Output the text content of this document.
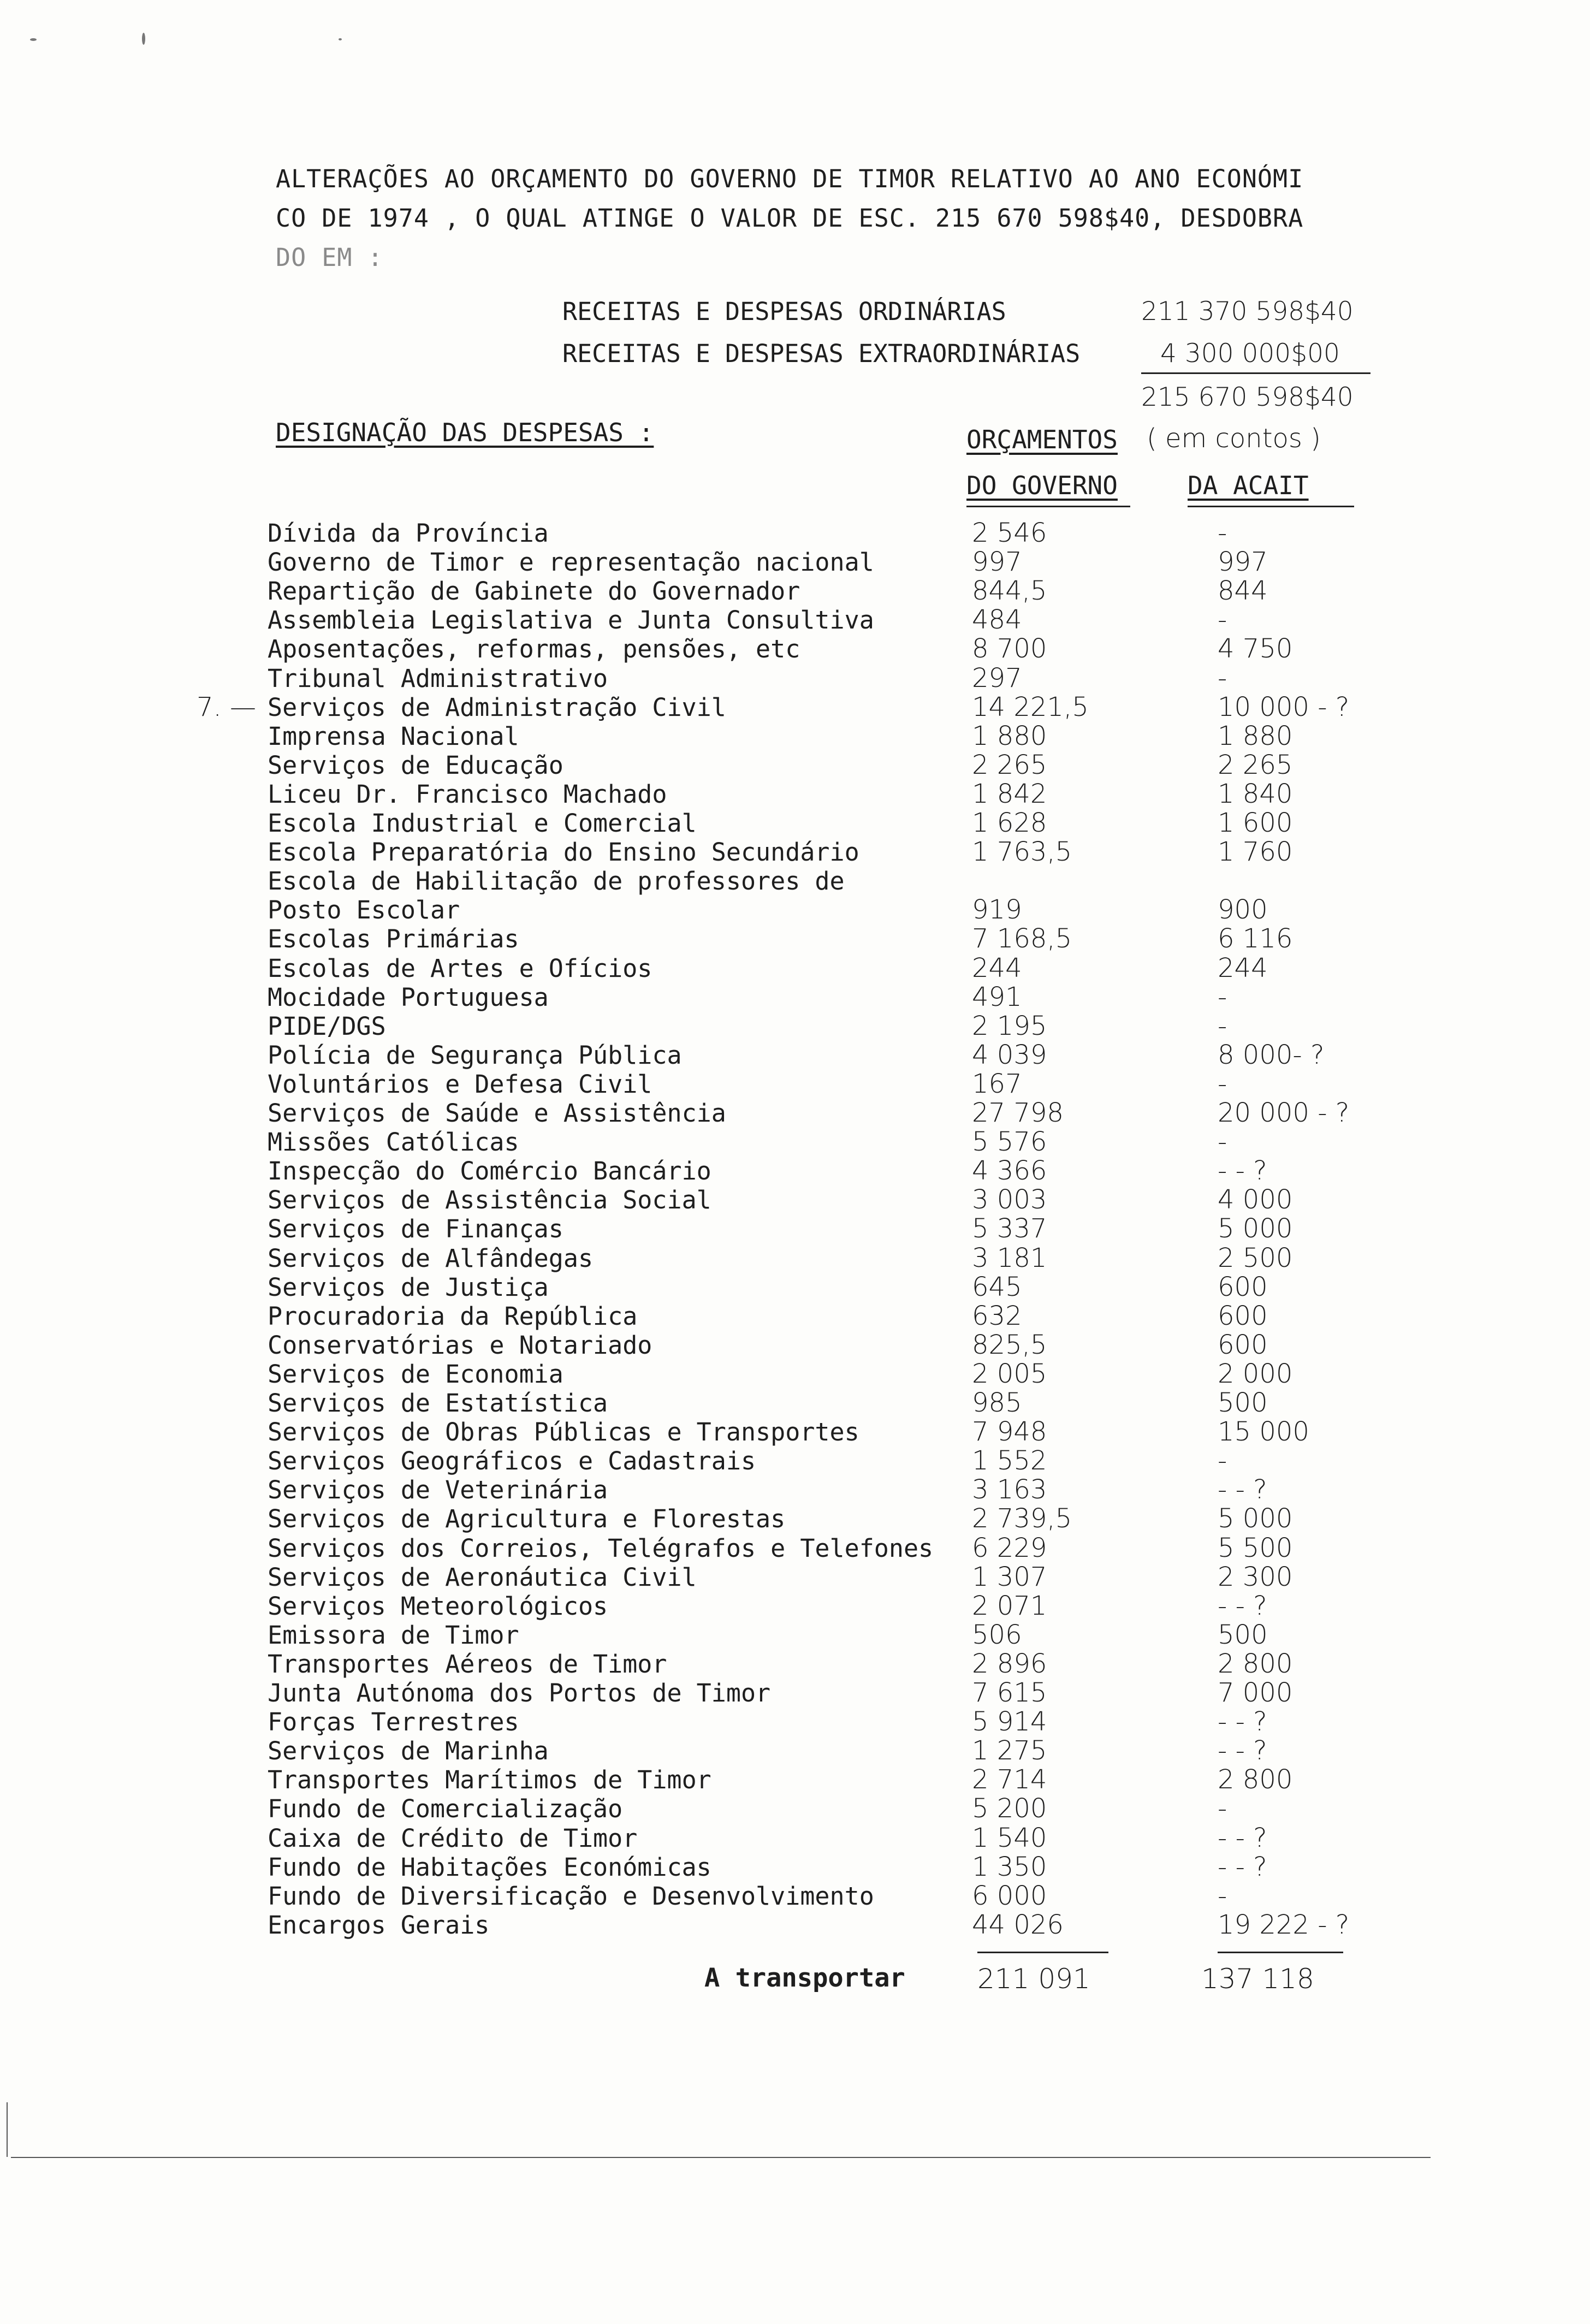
ALTERAÇÕES AO ORÇAMENTO DO GOVERNO DE TIMOR RELATIVO AO ANO ECONÓMI
CO DE 1974 , O QUAL ATINGE O VALOR DE ESC. 215 670 598$40, DESDOBRA
DO EM :
RECEITAS E DESPESAS ORDINÁRIAS	211 370 598$40
RECEITAS E DESPESAS EXTRAORDINÁRIAS	4 300 000$00
215 670 598$40
DESIGNAÇÃO DAS DESPESAS :	ORÇAMENTOS ( em contos )
DO GOVERNO	DA ACAIT
Dívida da Província	2 546	-
Governo de Timor e representação nacional	997	997
Repartição de Gabinete do Governador	844,5	844
Assembleia Legislativa e Junta Consultiva	484	-
Aposentações, reformas, pensões, etc	8 700	4 750
Tribunal Administrativo	297	-
Serviços de Administração Civil	14 221,5	10 000 - ?
7. —
Imprensa Nacional	1 880	1 880
Serviços de Educação	2 265	2 265
Liceu Dr. Francisco Machado	1 842	1 840
Escola Industrial e Comercial	1 628	1 600
Escola Preparatória do Ensino Secundário	1 763,5	1 760
Escola de Habilitação de professores de
Posto Escolar	919	900
Escolas Primárias	7 168,5	6 116
Escolas de Artes e Ofícios	244	244
Mocidade Portuguesa	491	-
PIDE/DGS	2 195	-
Polícia de Segurança Pública	4 039	8 000- ?
Voluntários e Defesa Civil	167	-
Serviços de Saúde e Assistência	27 798	20 000 - ?
Missões Católicas	5 576	-
Inspecção do Comércio Bancário	4 366	- - ?
Serviços de Assistência Social	3 003	4 000
Serviços de Finanças	5 337	5 000
Serviços de Alfândegas	3 181	2 500
Serviços de Justiça	645	600
Procuradoria da República	632	600
Conservatórias e Notariado	825,5	600
Serviços de Economia	2 005	2 000
Serviços de Estatística	985	500
Serviços de Obras Públicas e Transportes	7 948	15 000
Serviços Geográficos e Cadastrais	1 552	-
Serviços de Veterinária	3 163	- - ?
Serviços de Agricultura e Florestas	2 739,5	5 000
Serviços dos Correios, Telégrafos e Telefones 6 229	5 500
Serviços de Aeronáutica Civil	1 307	2 300
Serviços Meteorológicos	2 071	- - ?
Emissora de Timor	506	500
Transportes Aéreos de Timor	2 896	2 800
Junta Autónoma dos Portos de Timor	7 615	7 000
Forças Terrestres	5 914	- - ?
Serviços de Marinha	1 275	- - ?
Transportes Marítimos de Timor	2 714	2 800
Fundo de Comercialização	5 200	-
Caixa de Crédito de Timor	1 540	- - ?
Fundo de Habitações Económicas	1 350	- - ?
Fundo de Diversificação e Desenvolvimento	6 000	-
Encargos Gerais	44 026	19 222 - ?
A transportar	211 091	137 118
